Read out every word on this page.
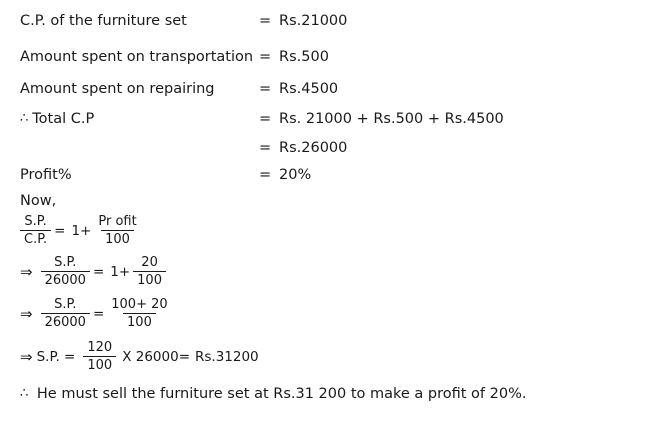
C.P. of the furniture set	= Rs.21000
Amount spent on transportation = Rs.500
Amount spent on repairing	= Rs.4500
∴ Total C.P	= Rs. 21000 + Rs.500 + Rs.4500
= Rs.26000
Profit%	= 20%
Now,
$\frac{S.P.}{C.P.} = 1+ \frac{\text{Pr ofit}}{100}$
⇒ $\frac{S.P.}{26000} = 1+ \frac{20}{100}$
⇒ $\frac{S.P.}{26000} = \frac{100+ 20}{100}$
⇒ S.P. = $\frac{120}{100}$ X 26000= Rs.31200
∴ He must sell the furniture set at Rs.31 200 to make a profit of 20%.
